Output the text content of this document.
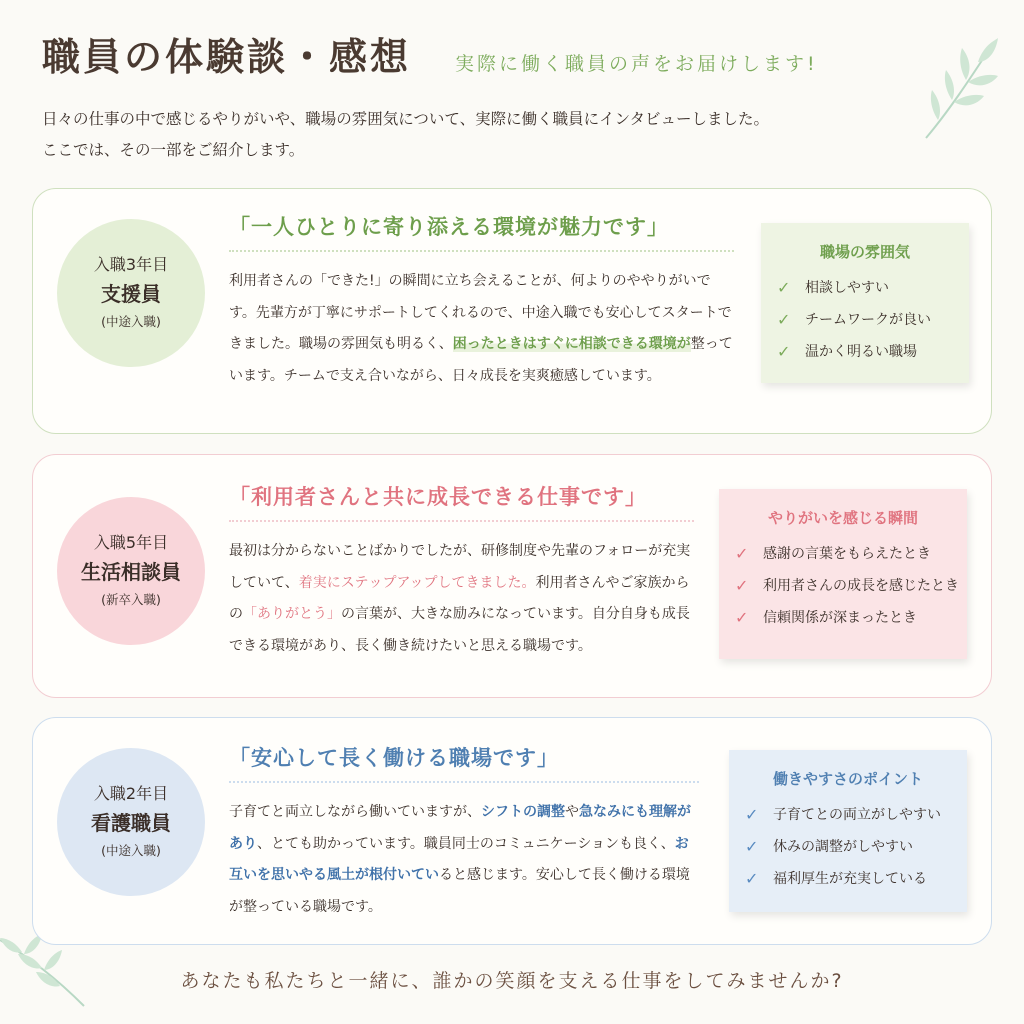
職員の体験談・感想 実際に働く職員の声をお届けします!
日々の仕事の中で感じるやりがいや、職場の雰囲気について、実際に働く職員にインタビューしました。
ここでは、その一部をご紹介します。
入職3年目
支援員
(中途入職)
「一人ひとりに寄り添える環境が魅力です」

利用者さんの「できた!」の瞬間に立ち会えることが、何よりのややりがいです。先輩方が丁寧にサポートしてくれるので、中途入職でも安心してスタートできました。職場の雰囲気も明るく、困ったときはすぐに相談できる環境が整っています。チームで支え合いながら、日々成長を実爽癒感しています。

職場の雰囲気
✓	相談しやすい
✓	チームワークが良い
✓	温かく明るい職場
入職5年目
生活相談員
(新卒入職)
「利用者さんと共に成長できる仕事です」

最初は分からないことばかりでしたが、研修制度や先輩のフォローが充実していて、着実にステップアップしてきました。利用者さんやご家族からの「ありがとう」の言葉が、大きな励みになっています。自分自身も成長できる環境があり、長く働き続けたいと思える職場です。

やりがいを感じる瞬間
✓	感謝の言葉をもらえたとき
✓	利用者さんの成長を感じたとき
✓	信頼関係が深まったとき
入職2年目
看護職員
(中途入職)
「安心して長く働ける職場です」

子育てと両立しながら働いていますが、シフトの調整や急なみにも理解があり、とても助かっています。職員同士のコミュニケーションも良く、お互いを思いやる風土が根付いていると感じます。安心して長く働ける環境が整っている職場です。

働きやすさのポイント
✓	子育てとの両立がしやすい
✓	休みの調整がしやすい
✓	福利厚生が充実している
あなたも私たちと一緒に、誰かの笑顔を支える仕事をしてみませんか?
